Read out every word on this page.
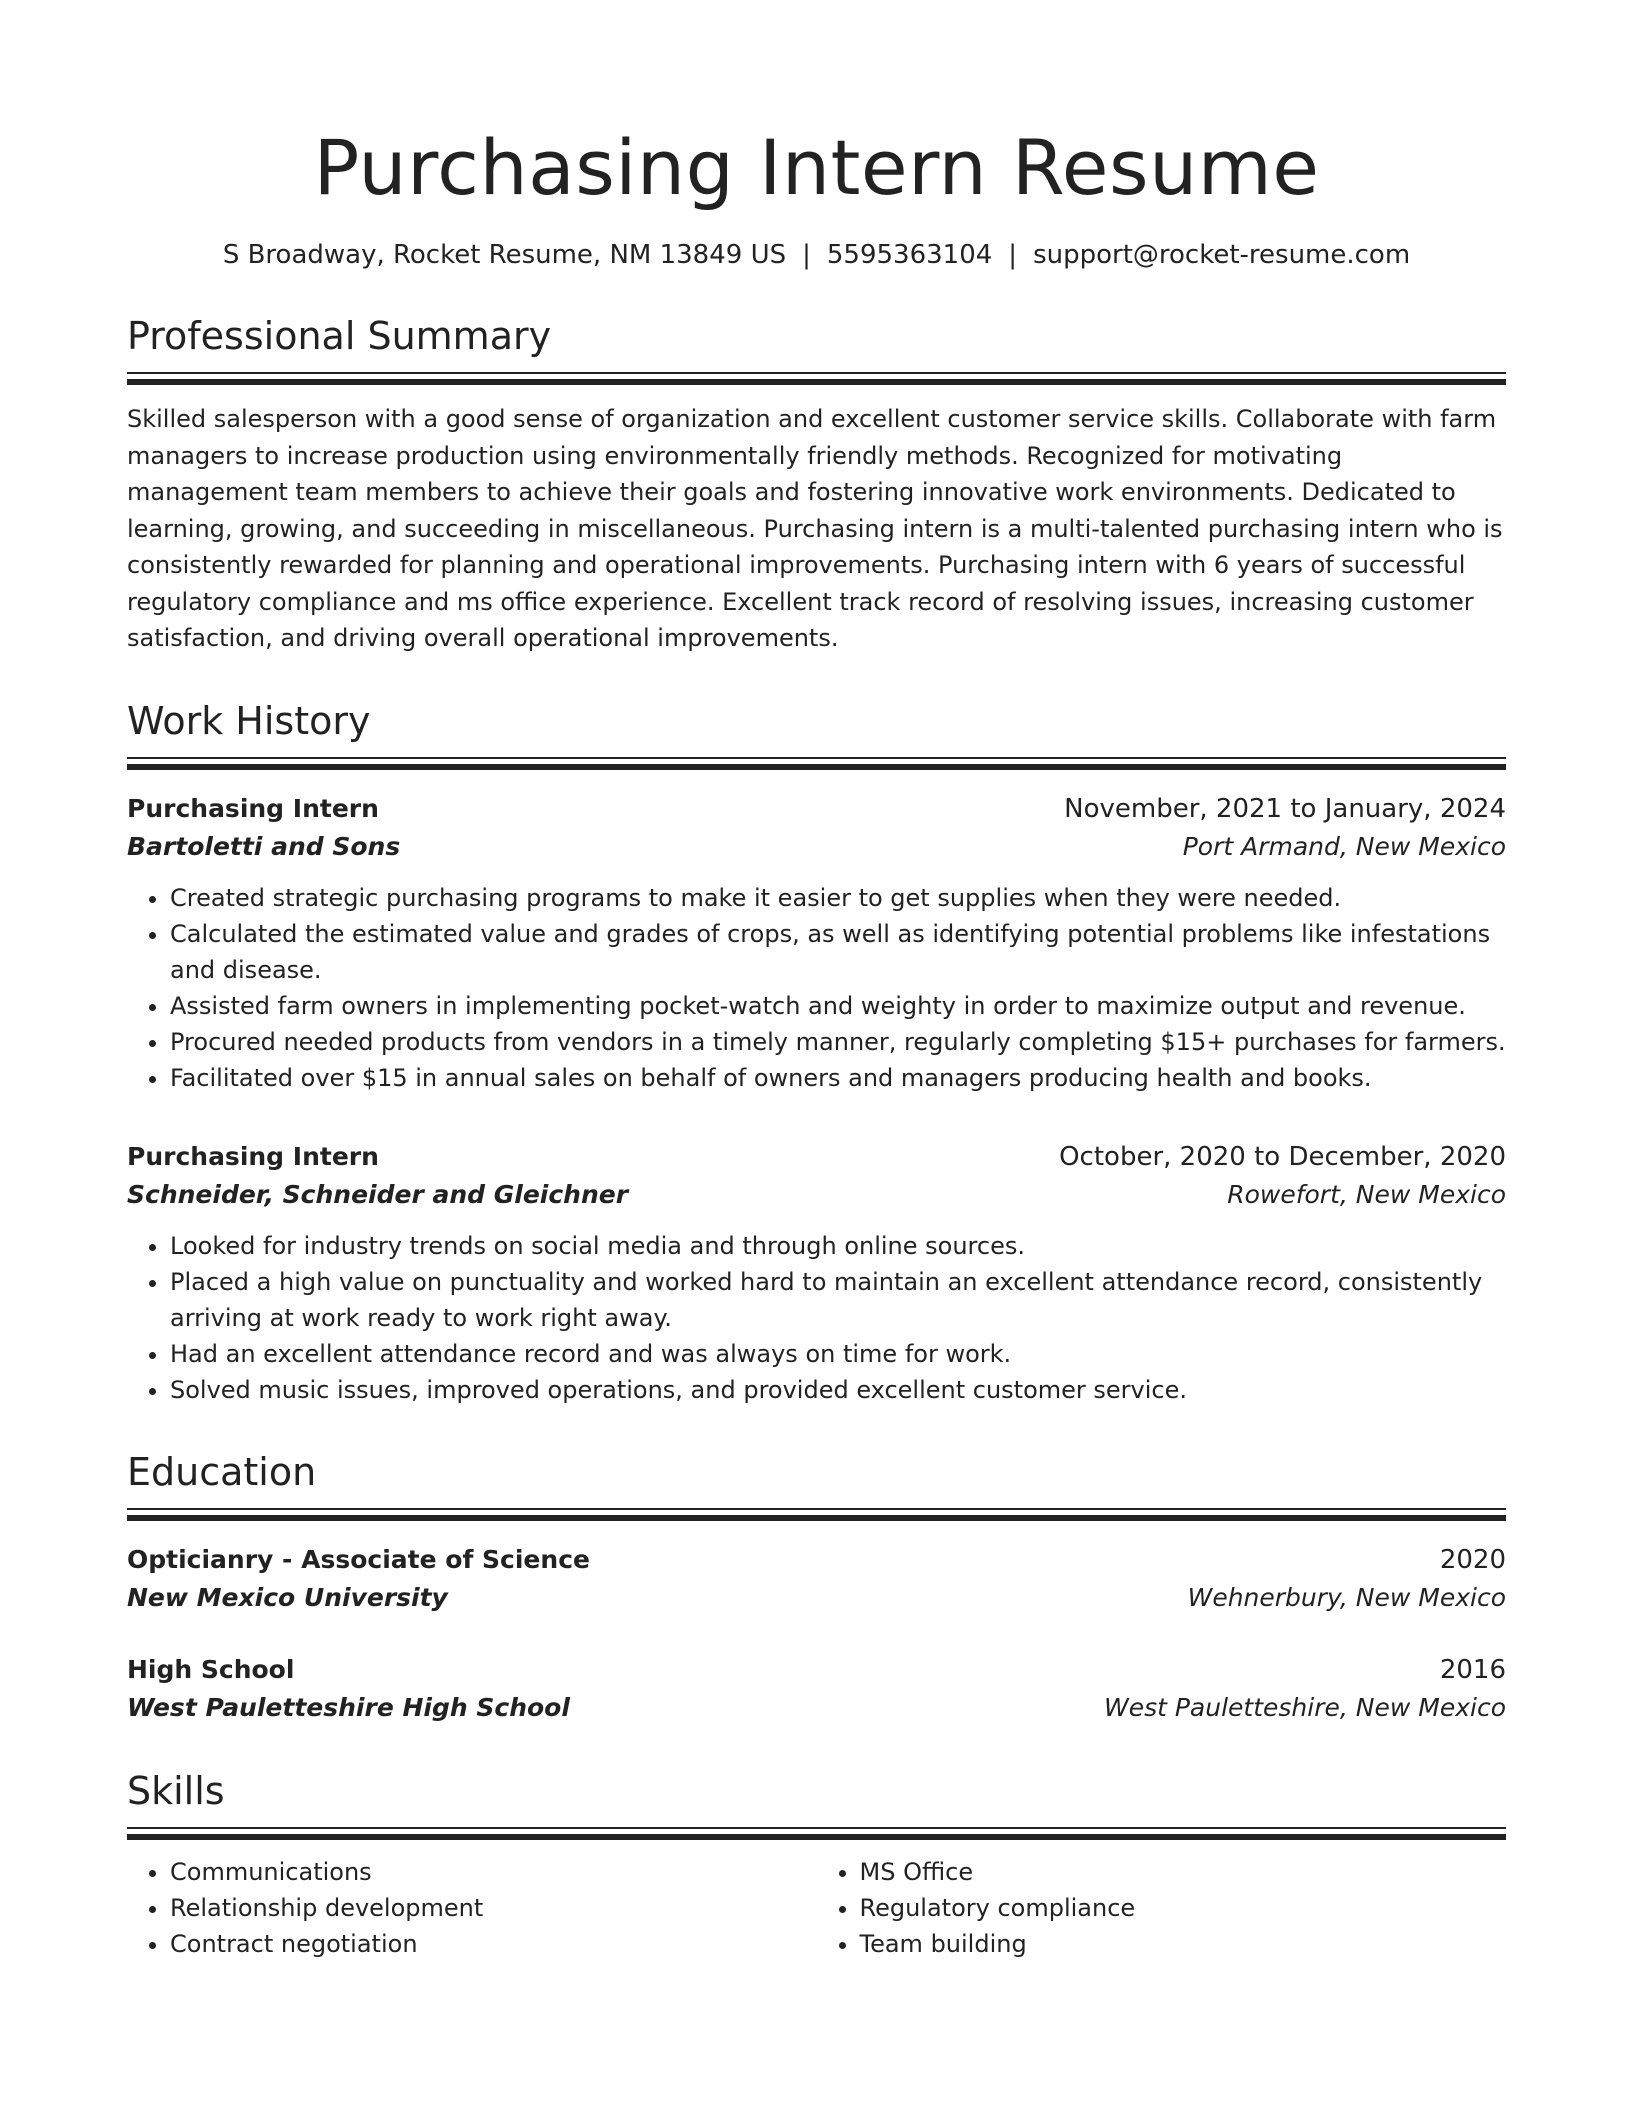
Purchasing Intern Resume
S Broadway, Rocket Resume, NM 13849 US | 5595363104 | support@rocket-resume.com
Professional Summary
Skilled salesperson with a good sense of organization and excellent customer service skills. Collaborate with farm managers to increase production using environmentally friendly methods. Recognized for motivating management team members to achieve their goals and fostering innovative work environments. Dedicated to learning, growing, and succeeding in miscellaneous. Purchasing intern is a multi-talented purchasing intern who is consistently rewarded for planning and operational improvements. Purchasing intern with 6 years of successful regulatory compliance and ms office experience. Excellent track record of resolving issues, increasing customer satisfaction, and driving overall operational improvements.
Work History
Purchasing Intern	November, 2021 to January, 2024
Bartoletti and Sons	Port Armand, New Mexico
• Created strategic purchasing programs to make it easier to get supplies when they were needed.
• Calculated the estimated value and grades of crops, as well as identifying potential problems like infestations and disease.
• Assisted farm owners in implementing pocket-watch and weighty in order to maximize output and revenue.
• Procured needed products from vendors in a timely manner, regularly completing $15+ purchases for farmers.
• Facilitated over $15 in annual sales on behalf of owners and managers producing health and books.
Purchasing Intern	October, 2020 to December, 2020
Schneider, Schneider and Gleichner	Rowefort, New Mexico
• Looked for industry trends on social media and through online sources.
• Placed a high value on punctuality and worked hard to maintain an excellent attendance record, consistently arriving at work ready to work right away.
• Had an excellent attendance record and was always on time for work.
• Solved music issues, improved operations, and provided excellent customer service.
Education
Opticianry - Associate of Science	2020
New Mexico University	Wehnerbury, New Mexico
High School	2016
West Pauletteshire High School	West Pauletteshire, New Mexico
Skills
• Communications
• Relationship development
• Contract negotiation
• MS Office
• Regulatory compliance
• Team building
